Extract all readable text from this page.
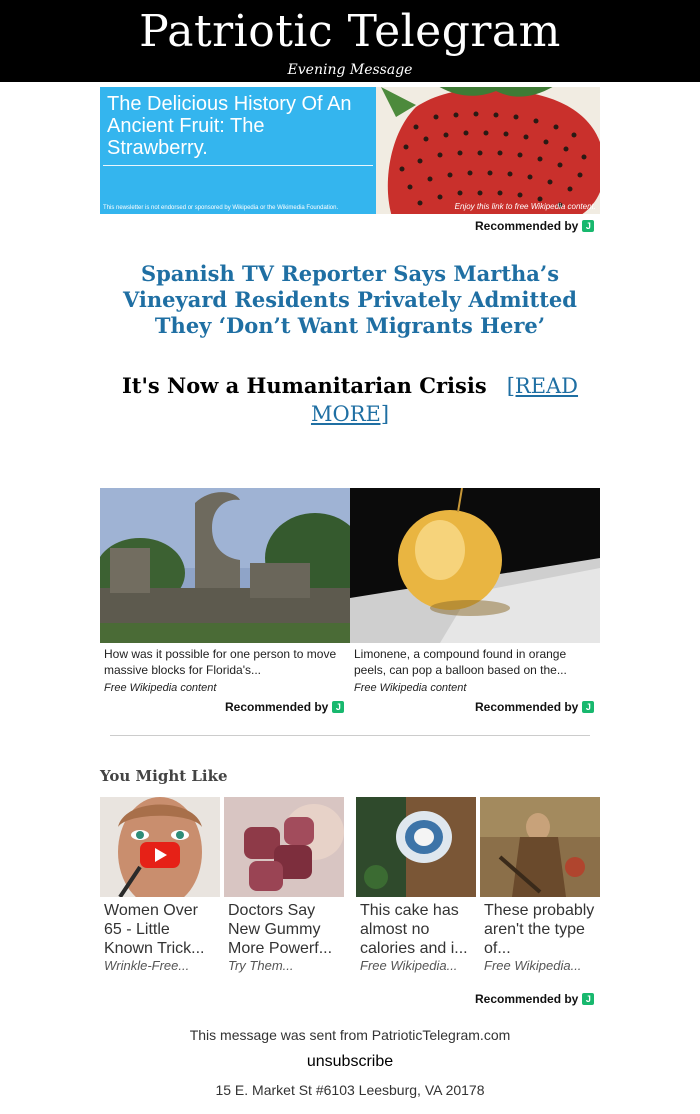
Patriotic Telegram
Evening Message
The Delicious History Of An Ancient Fruit: The Strawberry.
This newsletter is not endorsed or sponsored by Wikipedia or the Wikimedia Foundation.	Enjoy this link to free Wikipedia content.
Recommended by J
Spanish TV Reporter Says Martha’s Vineyard Residents Privately Admitted They ‘Don’t Want Migrants Here’
It's Now a Humanitarian Crisis [READ MORE]
How was it possible for one person to move massive blocks for Florida's...
Free Wikipedia content
Limonene, a compound found in orange peels, can pop a balloon based on the...
Free Wikipedia content
Recommended by J	Recommended by J
You Might Like
Women Over 65 - Little Known Trick...
Wrinkle-Free...
Doctors Say New Gummy More Powerf...
Try Them...
This cake has almost no calories and i...
Free Wikipedia...
These probably aren't the type of...
Free Wikipedia...
Recommended by J
This message was sent from PatrioticTelegram.com
unsubscribe
15 E. Market St #6103 Leesburg, VA 20178
